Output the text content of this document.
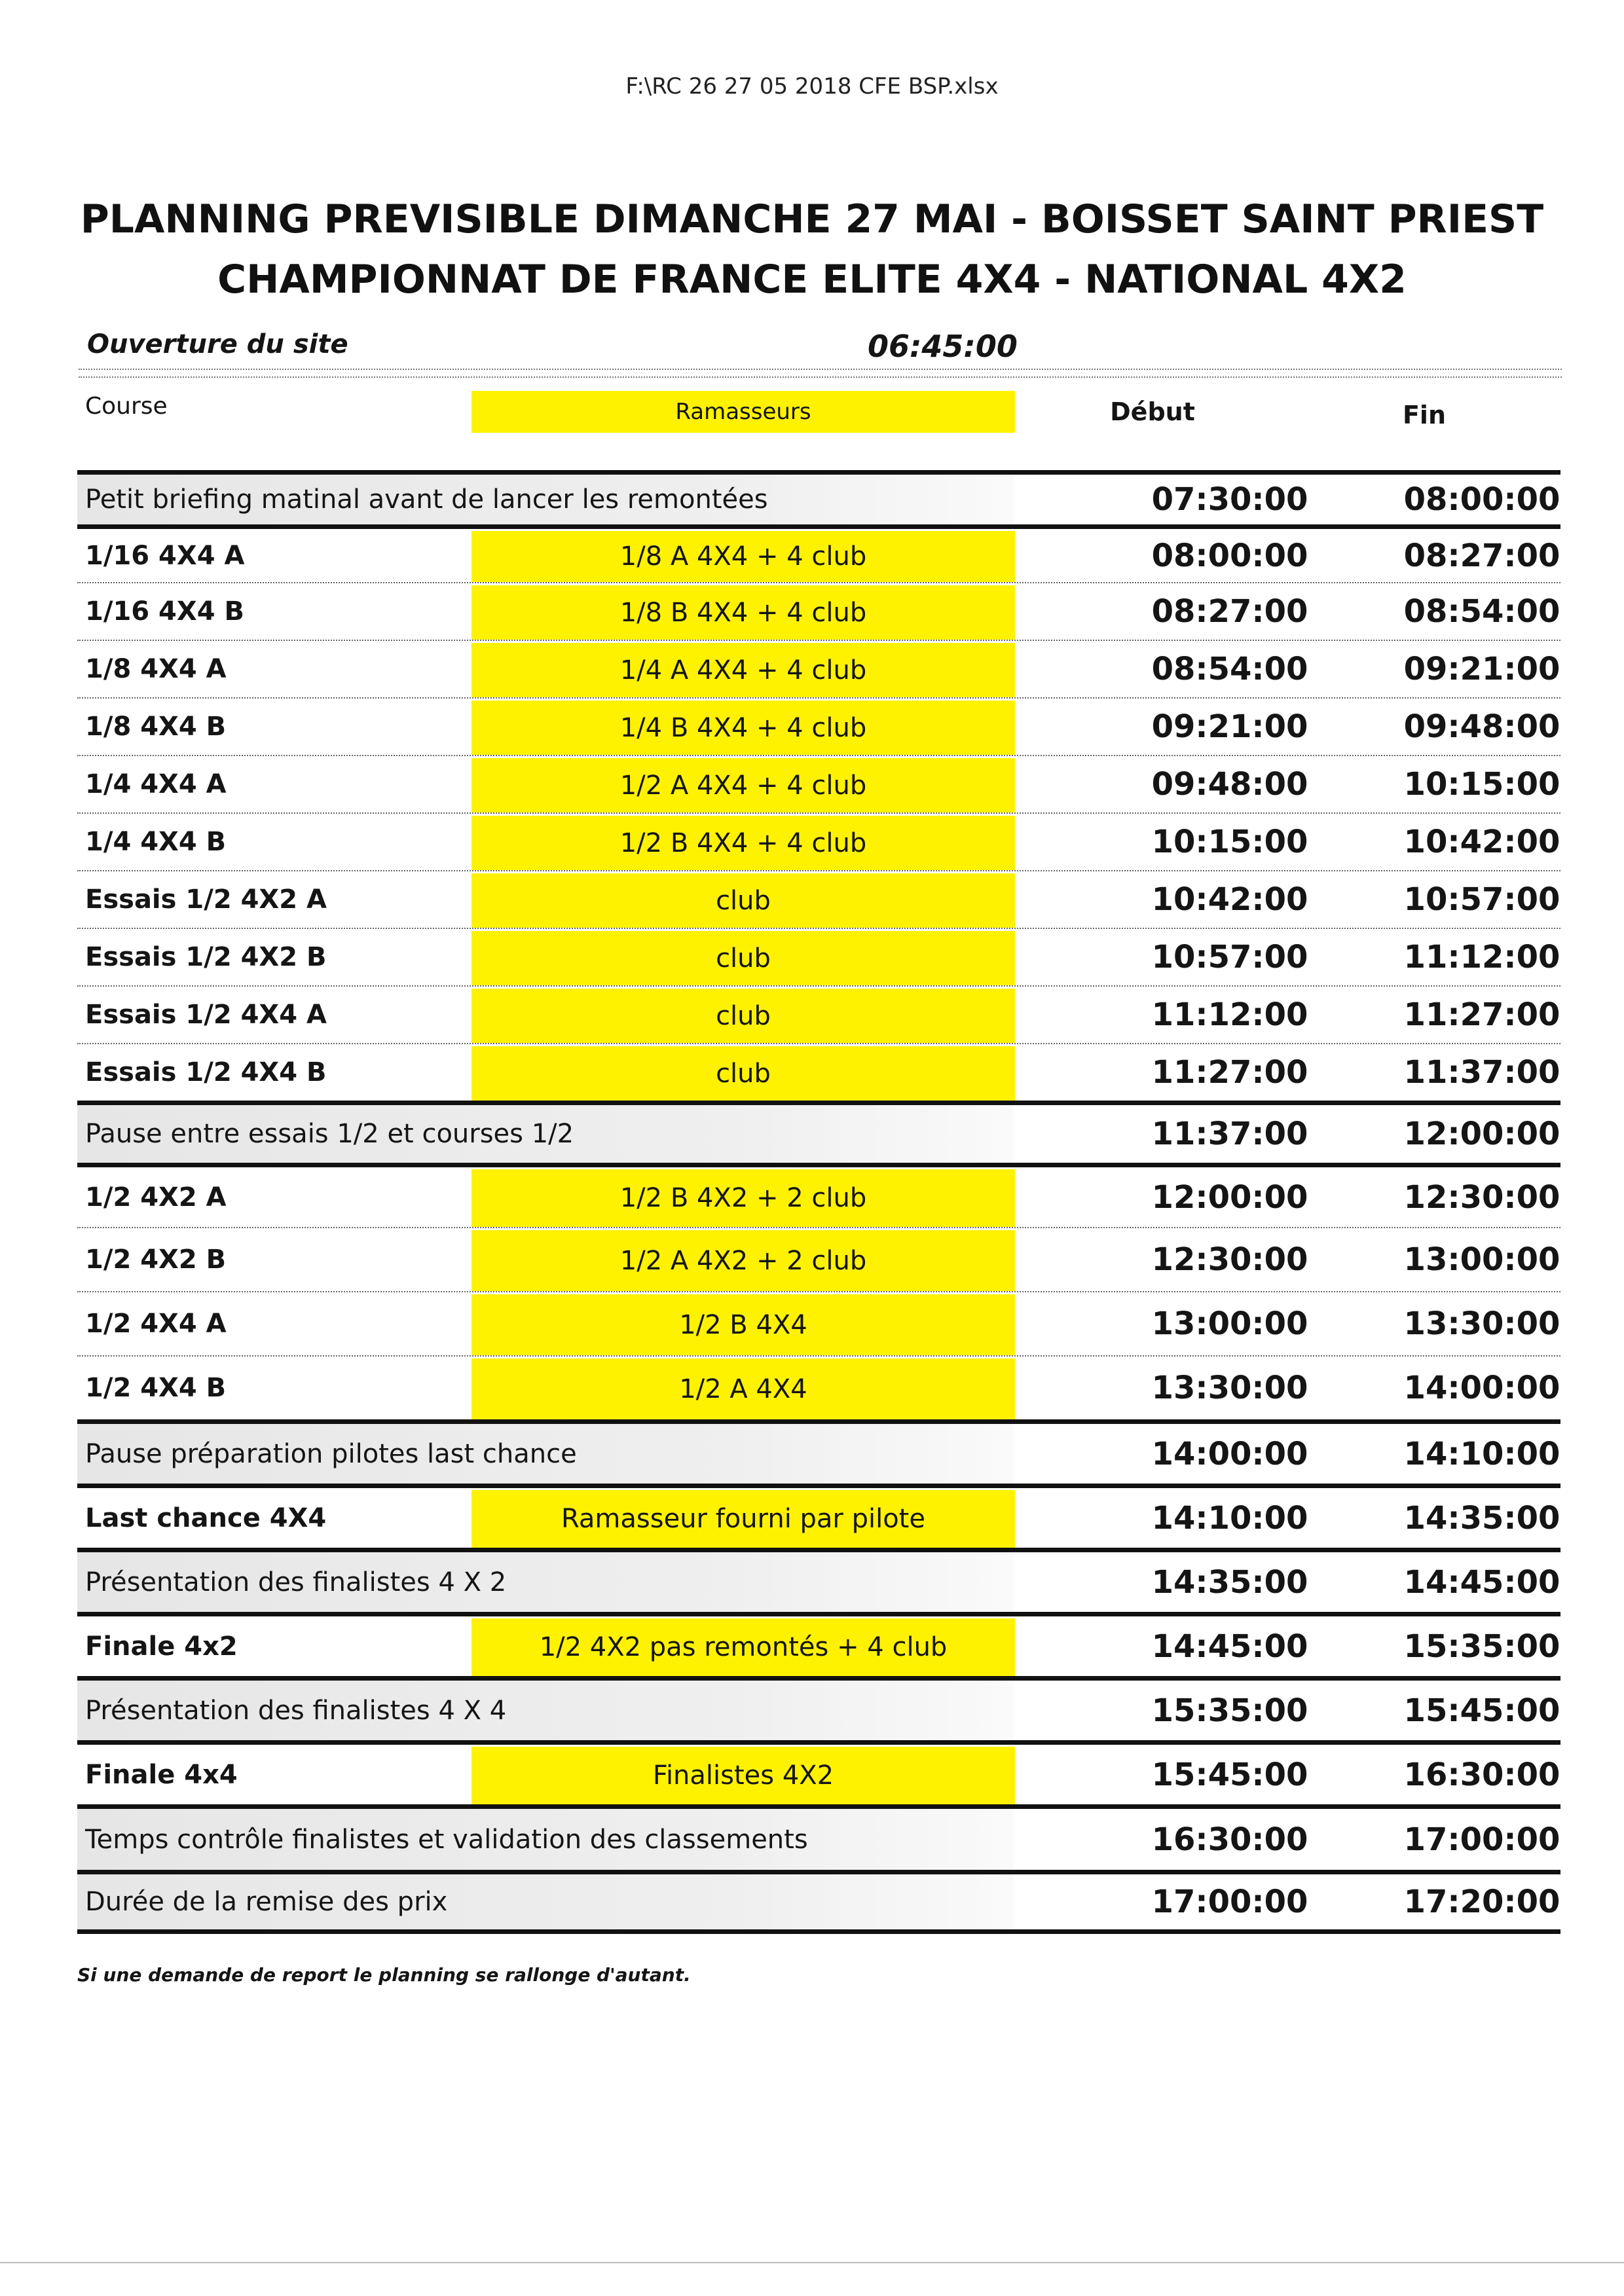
F:\RC 26 27 05 2018 CFE BSP.xlsx
PLANNING PREVISIBLE DIMANCHE 27 MAI - BOISSET SAINT PRIEST
CHAMPIONNAT DE FRANCE ELITE 4X4 - NATIONAL 4X2
Ouverture du site	06:45:00
Course	Ramasseurs	Début	Fin
Petit briefing matinal avant de lancer les remontées	07:30:00	08:00:00
1/16 4X4 A	1/8 A 4X4 + 4 club	08:00:00	08:27:00
1/16 4X4 B	1/8 B 4X4 + 4 club	08:27:00	08:54:00
1/8 4X4 A	1/4 A 4X4 + 4 club	08:54:00	09:21:00
1/8 4X4 B	1/4 B 4X4 + 4 club	09:21:00	09:48:00
1/4 4X4 A	1/2 A 4X4 + 4 club	09:48:00	10:15:00
1/4 4X4 B	1/2 B 4X4 + 4 club	10:15:00	10:42:00
Essais 1/2 4X2 A	club	10:42:00	10:57:00
Essais 1/2 4X2 B	club	10:57:00	11:12:00
Essais 1/2 4X4 A	club	11:12:00	11:27:00
Essais 1/2 4X4 B	club	11:27:00	11:37:00
Pause entre essais 1/2 et courses 1/2	11:37:00	12:00:00
1/2 4X2 A	1/2 B 4X2 + 2 club	12:00:00	12:30:00
1/2 4X2 B	1/2 A 4X2 + 2 club	12:30:00	13:00:00
1/2 4X4 A	1/2 B 4X4	13:00:00	13:30:00
1/2 4X4 B	1/2 A 4X4	13:30:00	14:00:00
Pause préparation pilotes last chance	14:00:00	14:10:00
Last chance 4X4	Ramasseur fourni par pilote	14:10:00	14:35:00
Présentation des finalistes 4 X 2	14:35:00	14:45:00
Finale 4x2	1/2 4X2 pas remontés + 4 club	14:45:00	15:35:00
Présentation des finalistes 4 X 4	15:35:00	15:45:00
Finale 4x4	Finalistes 4X2	15:45:00	16:30:00
Temps contrôle finalistes et validation des classements	16:30:00	17:00:00
Durée de la remise des prix	17:00:00	17:20:00
Si une demande de report le planning se rallonge d'autant.
